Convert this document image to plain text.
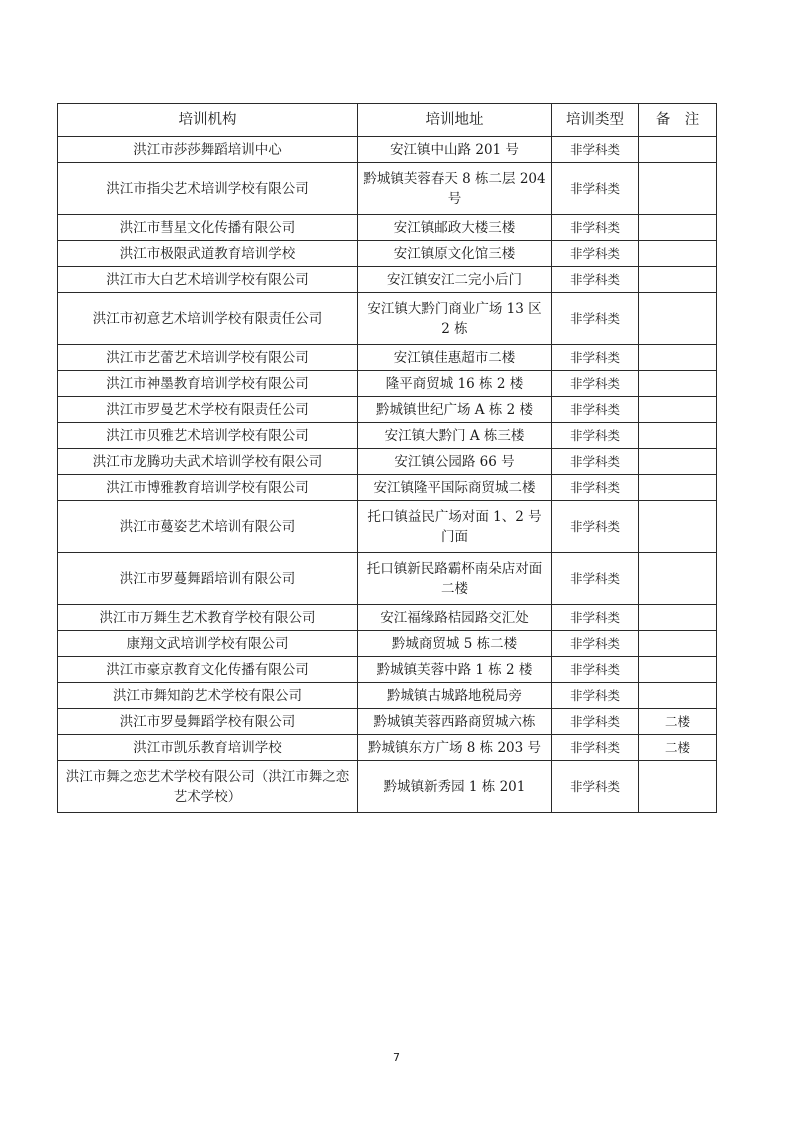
培训机构	培训地址	培训类型	备　注
洪江市莎莎舞蹈培训中心	安江镇中山路 201 号	非学科类	
洪江市指尖艺术培训学校有限公司	黔城镇芙蓉春天 8 栋二层 204 号	非学科类	
洪江市彗星文化传播有限公司	安江镇邮政大楼三楼	非学科类	
洪江市极限武道教育培训学校	安江镇原文化馆三楼	非学科类	
洪江市大白艺术培训学校有限公司	安江镇安江二完小后门	非学科类	
洪江市初意艺术培训学校有限责任公司	安江镇大黔门商业广场 13 区 2 栋	非学科类	
洪江市艺蕾艺术培训学校有限公司	安江镇佳惠超市二楼	非学科类	
洪江市神墨教育培训学校有限公司	隆平商贸城 16 栋 2 楼	非学科类	
洪江市罗曼艺术学校有限责任公司	黔城镇世纪广场 A 栋 2 楼	非学科类	
洪江市贝雅艺术培训学校有限公司	安江镇大黔门 A 栋三楼	非学科类	
洪江市龙腾功夫武术培训学校有限公司	安江镇公园路 66 号	非学科类	
洪江市博雅教育培训学校有限公司	安江镇隆平国际商贸城二楼	非学科类	
洪江市蔓姿艺术培训有限公司	托口镇益民广场对面 1、2 号门面	非学科类	
洪江市罗蔓舞蹈培训有限公司	托口镇新民路霸杯南朵店对面二楼	非学科类	
洪江市万舞生艺术教育学校有限公司	安江福缘路桔园路交汇处	非学科类	
康翔文武培训学校有限公司	黔城商贸城 5 栋二楼	非学科类	
洪江市豪京教育文化传播有限公司	黔城镇芙蓉中路 1 栋 2 楼	非学科类	
洪江市舞知韵艺术学校有限公司	黔城镇古城路地税局旁	非学科类	
洪江市罗曼舞蹈学校有限公司	黔城镇芙蓉西路商贸城六栋	非学科类	二楼
洪江市凯乐教育培训学校	黔城镇东方广场 8 栋 203 号	非学科类	二楼
洪江市舞之恋艺术学校有限公司（洪江市舞之恋艺术学校）	黔城镇新秀园 1 栋 201	非学科类	
7
